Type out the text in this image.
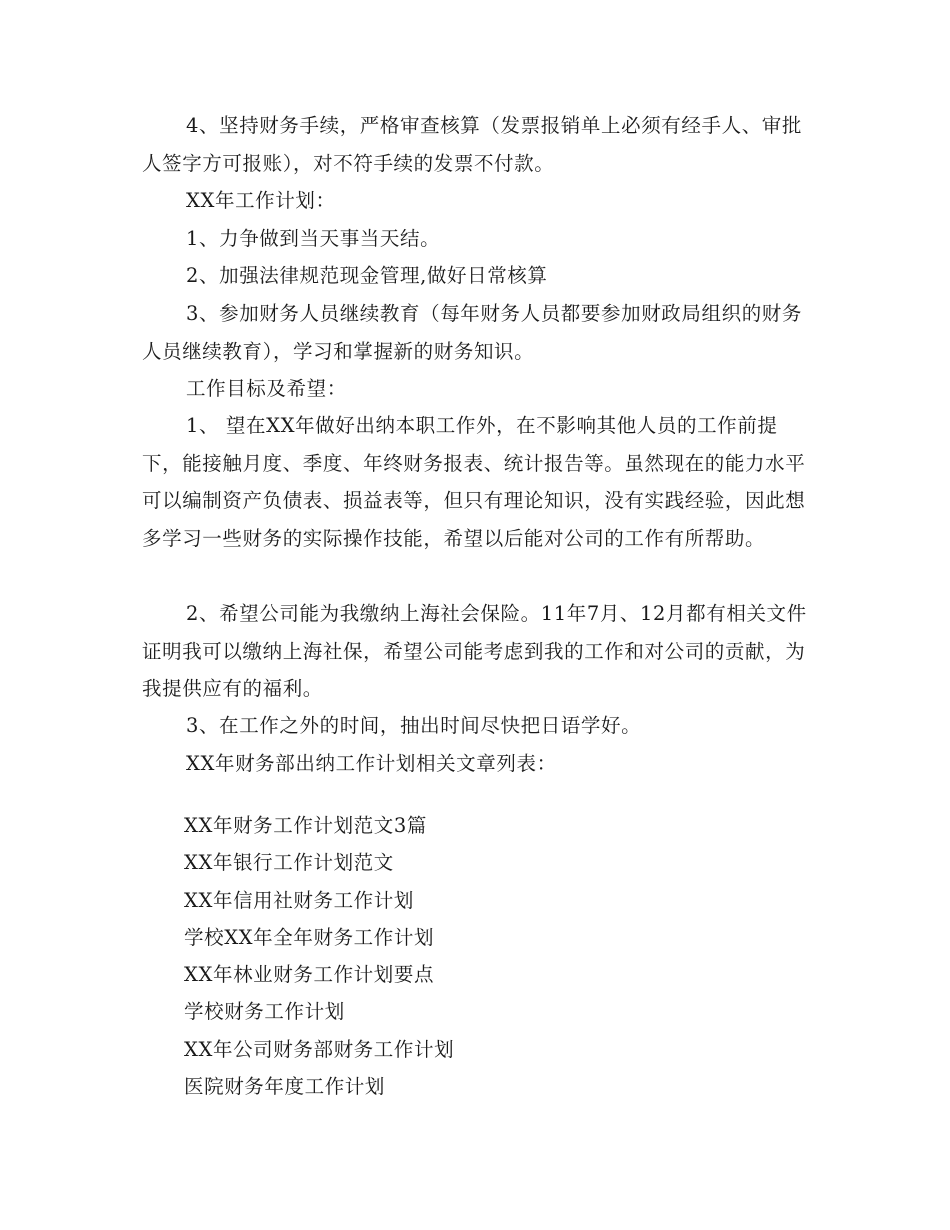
4、坚持财务手续，严格审查核算（发票报销单上必须有经手人、审批人签字方可报账），对不符手续的发票不付款。

XX年工作计划：
1、力争做到当天事当天结。
2、加强法律规范现金管理,做好日常核算

3、参加财务人员继续教育（每年财务人员都要参加财政局组织的财务人员继续教育），学习和掌握新的财务知识。

工作目标及希望：

1、 望在XX年做好出纳本职工作外，在不影响其他人员的工作前提下，能接触月度、季度、年终财务报表、统计报告等。虽然现在的能力水平可以编制资产负债表、损益表等，但只有理论知识，没有实践经验，因此想多学习一些财务的实际操作技能，希望以后能对公司的工作有所帮助。

2、希望公司能为我缴纳上海社会保险。11年7月、12月都有相关文件证明我可以缴纳上海社保，希望公司能考虑到我的工作和对公司的贡献，为我提供应有的福利。

3、在工作之外的时间，抽出时间尽快把日语学好。
XX年财务部出纳工作计划相关文章列表：
XX年财务工作计划范文3篇
XX年银行工作计划范文
XX年信用社财务工作计划
学校XX年全年财务工作计划
XX年林业财务工作计划要点
学校财务工作计划
XX年公司财务部财务工作计划
医院财务年度工作计划
